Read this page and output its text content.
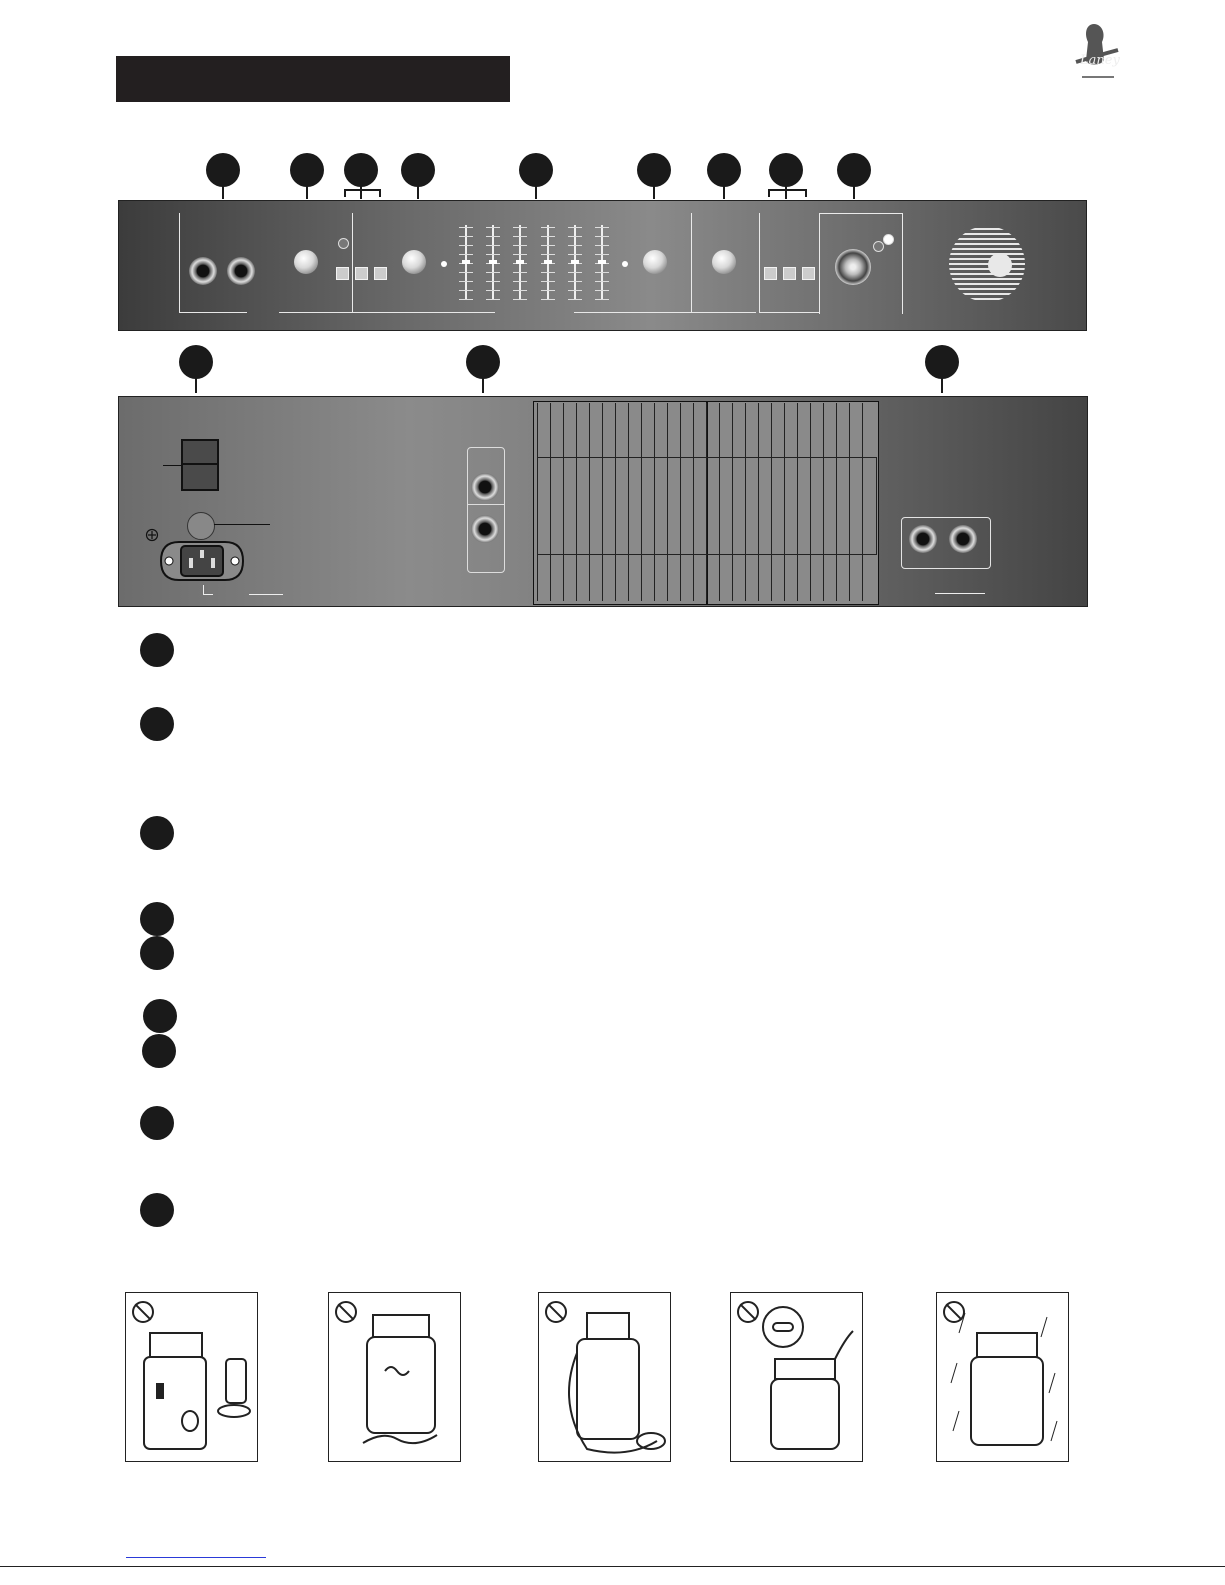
Laney
